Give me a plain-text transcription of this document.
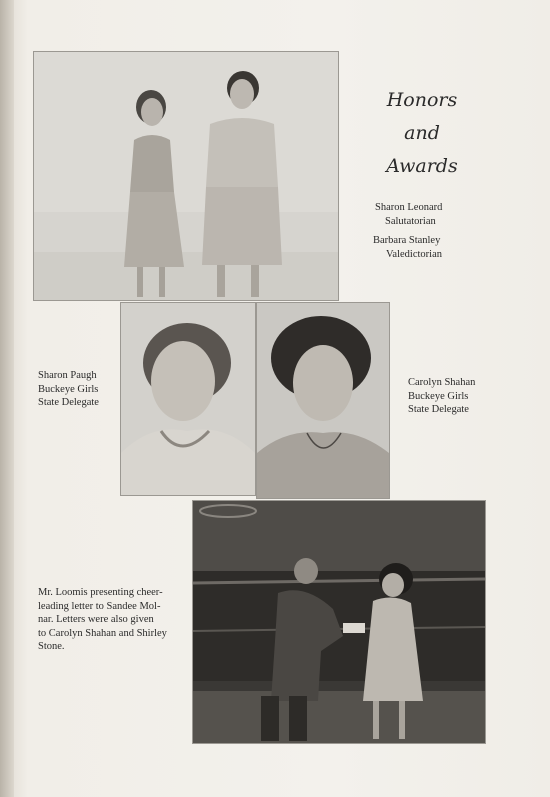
Honors
and
Awards
Sharon Leonard
Salutatorian
Barbara Stanley
Valedictorian
Sharon Paugh
Buckeye Girls
State Delegate
Carolyn Shahan
Buckeye Girls
State Delegate
Mr. Loomis presenting cheer-
leading letter to Sandee Mol-
nar. Letters were also given
to Carolyn Shahan and Shirley
Stone.
